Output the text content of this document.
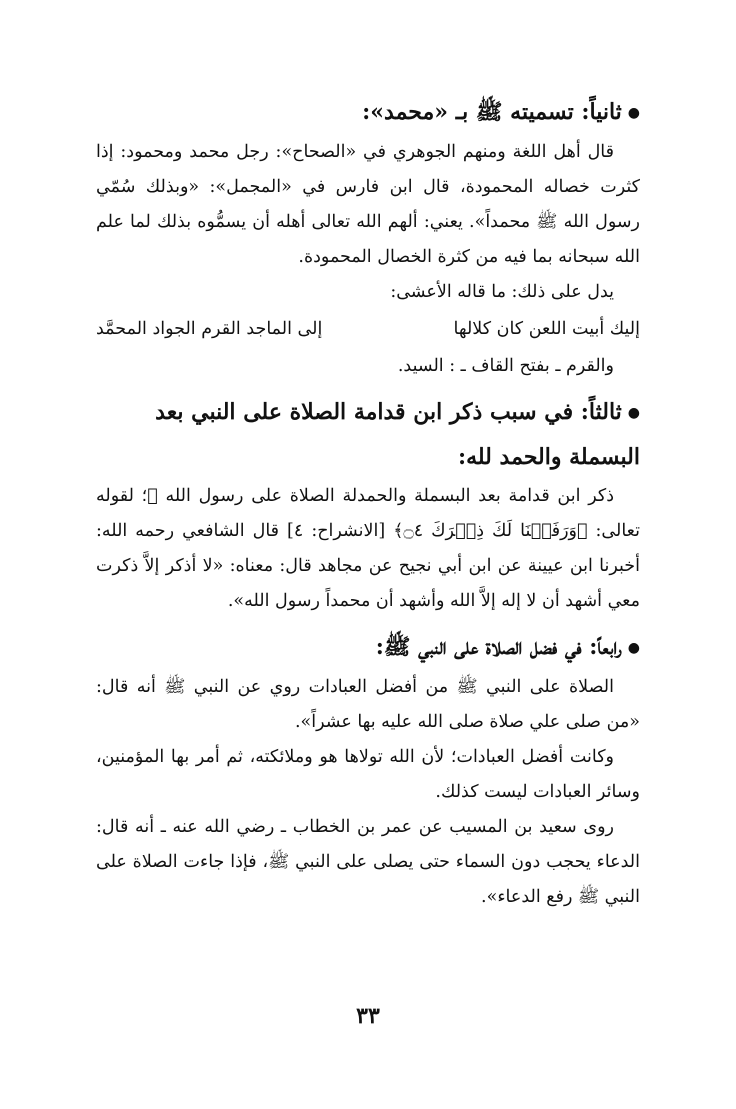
●ثانياً: تسميته ﷺ بـ «محمد»:

قال أهل اللغة ومنهم الجوهري في «الصحاح»: رجل محمد ومحمود: إذا كثرت خصاله المحمودة، قال ابن فارس في «المجمل»: «وبذلك سُمّي رسول الله ﷺ محمداً». يعني: ألهم الله تعالى أهله أن يسمُّوه بذلك لما علم الله سبحانه بما فيه من كثرة الخصال المحمودة.

يدل على ذلك: ما قاله الأعشى:

إليك أبيت اللعن كان كلالها
إلى الماجد القرم الجواد المحمَّد

والقرم ـ بفتح القاف ـ : السيد.

●ثالثاً: في سبب ذكر ابن قدامة الصلاة على النبي بعد البسملة والحمد لله:

ذكر ابن قدامة بعد البسملة والحمدلة الصلاة على رسول الله ﷺ؛ لقوله تعالى: ﴿وَرَفَعۡنَا لَكَ ذِكۡرَكَ ۝٤﴾ [الانشراح: ٤] قال الشافعي رحمه الله: أخبرنا ابن عيينة عن ابن أبي نجيح عن مجاهد قال: معناه: «لا أذكر إلاَّ ذكرت معي أشهد أن لا إله إلاَّ الله وأشهد أن محمداً رسول الله».

●رابعاً: في فضل الصلاة على النبي ﷺ:

الصلاة على النبي ﷺ من أفضل العبادات روي عن النبي ﷺ أنه قال: «من صلى علي صلاة صلى الله عليه بها عشراً».

وكانت أفضل العبادات؛ لأن الله تولاها هو وملائكته، ثم أمر بها المؤمنين، وسائر العبادات ليست كذلك.

روى سعيد بن المسيب عن عمر بن الخطاب ـ رضي الله عنه ـ أنه قال: الدعاء يحجب دون السماء حتى يصلى على النبي ﷺ، فإذا جاءت الصلاة على النبي ﷺ رفع الدعاء».

٣٣
